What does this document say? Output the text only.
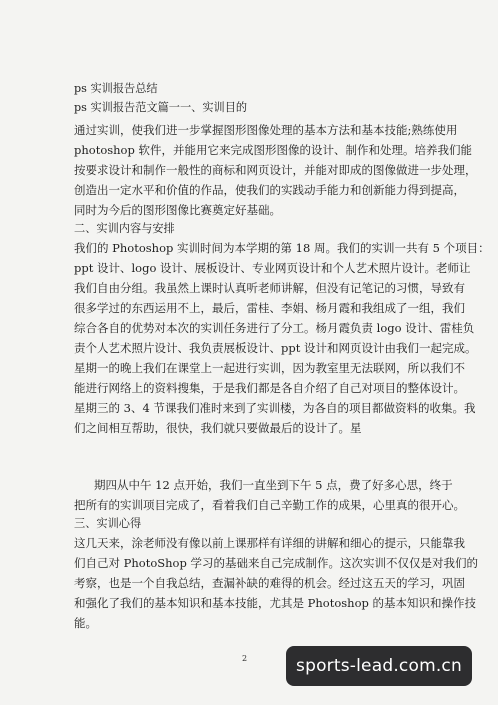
ps 实训报告总结
ps 实训报告范文篇一一、实训目的
通过实训，使我们进一步掌握图形图像处理的基本方法和基本技能;熟练使用
photoshop 软件，并能用它来完成图形图像的设计、制作和处理。培养我们能
按要求设计和制作一般性的商标和网页设计，并能对即成的图像做进一步处理，
创造出一定水平和价值的作品，使我们的实践动手能力和创新能力得到提高，
同时为今后的图形图像比赛奠定好基础。
二、实训内容与安排
我们的 Photoshop 实训时间为本学期的第 18 周。我们的实训一共有 5 个项目：
ppt 设计、logo 设计、展板设计、专业网页设计和个人艺术照片设计。老师让
我们自由分组。我虽然上课时认真听老师讲解，但没有记笔记的习惯，导致有
很多学过的东西运用不上，最后，雷桂、李娟、杨月霞和我组成了一组，我们
综合各自的优势对本次的实训任务进行了分工。杨月霞负责 logo 设计、雷桂负
责个人艺术照片设计、我负责展板设计、ppt 设计和网页设计由我们一起完成。
星期一的晚上我们在课堂上一起进行实训，因为教室里无法联网，所以我们不
能进行网络上的资料搜集，于是我们都是各自介绍了自己对项目的整体设计。
星期三的 3、4 节课我们准时来到了实训楼，为各自的项目都做资料的收集。我
们之间相互帮助，很快，我们就只要做最后的设计了。星
期四从中午 12 点开始，我们一直坐到下午 5 点，费了好多心思，终于
把所有的实训项目完成了，看着我们自己辛勤工作的成果，心里真的很开心。
三、实训心得
这几天来，涂老师没有像以前上课那样有详细的讲解和细心的提示，只能靠我
们自己对 PhotoShop 学习的基础来自己完成制作。这次实训不仅仅是对我们的
考察，也是一个自我总结，查漏补缺的难得的机会。经过这五天的学习，巩固
和强化了我们的基本知识和基本技能，尤其是 Photoshop 的基本知识和操作技
能。
2	sports-lead.com.cn
